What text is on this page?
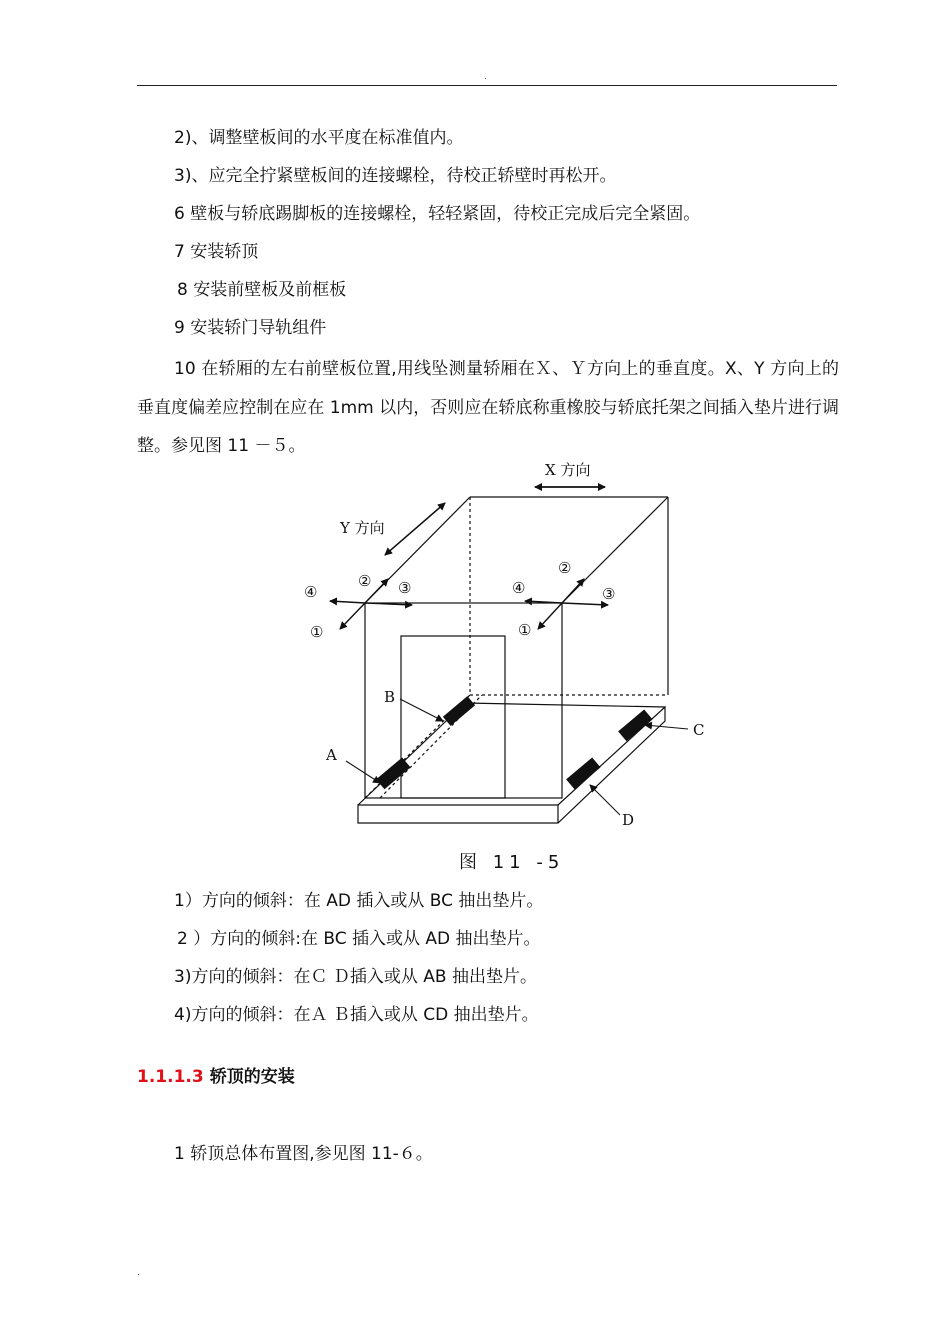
.
2)、调整壁板间的水平度在标准值内。
3)、应完全拧紧壁板间的连接螺栓，待校正轿壁时再松开。
6 壁板与轿底踢脚板的连接螺栓，轻轻紧固，待校正完成后完全紧固。
7 安装轿顶
8 安装前壁板及前框板
9 安装轿门导轨组件
10 在轿厢的左右前壁板位置,用线坠测量轿厢在Ｘ、Ｙ方向上的垂直度。X、Y 方向上的垂直度偏差应控制在应在 1mm 以内，否则应在轿底称重橡胶与轿底托架之间插入垫片进行调整。参见图 11 －５。
X 方向
Y 方向
④
② ③
①
④
②
③
①
A
B
C
D
图 11 -5
1）方向的倾斜：在 AD 插入或从 BC 抽出垫片。
2 ）方向的倾斜:在 BC 插入或从 AD 抽出垫片。
3)方向的倾斜：在Ｃ Ｄ插入或从 AB 抽出垫片。
4)方向的倾斜：在Ａ Ｂ插入或从 CD 抽出垫片。
1.1.1.3 轿顶的安装
1 轿顶总体布置图,参见图 11-６。
.
